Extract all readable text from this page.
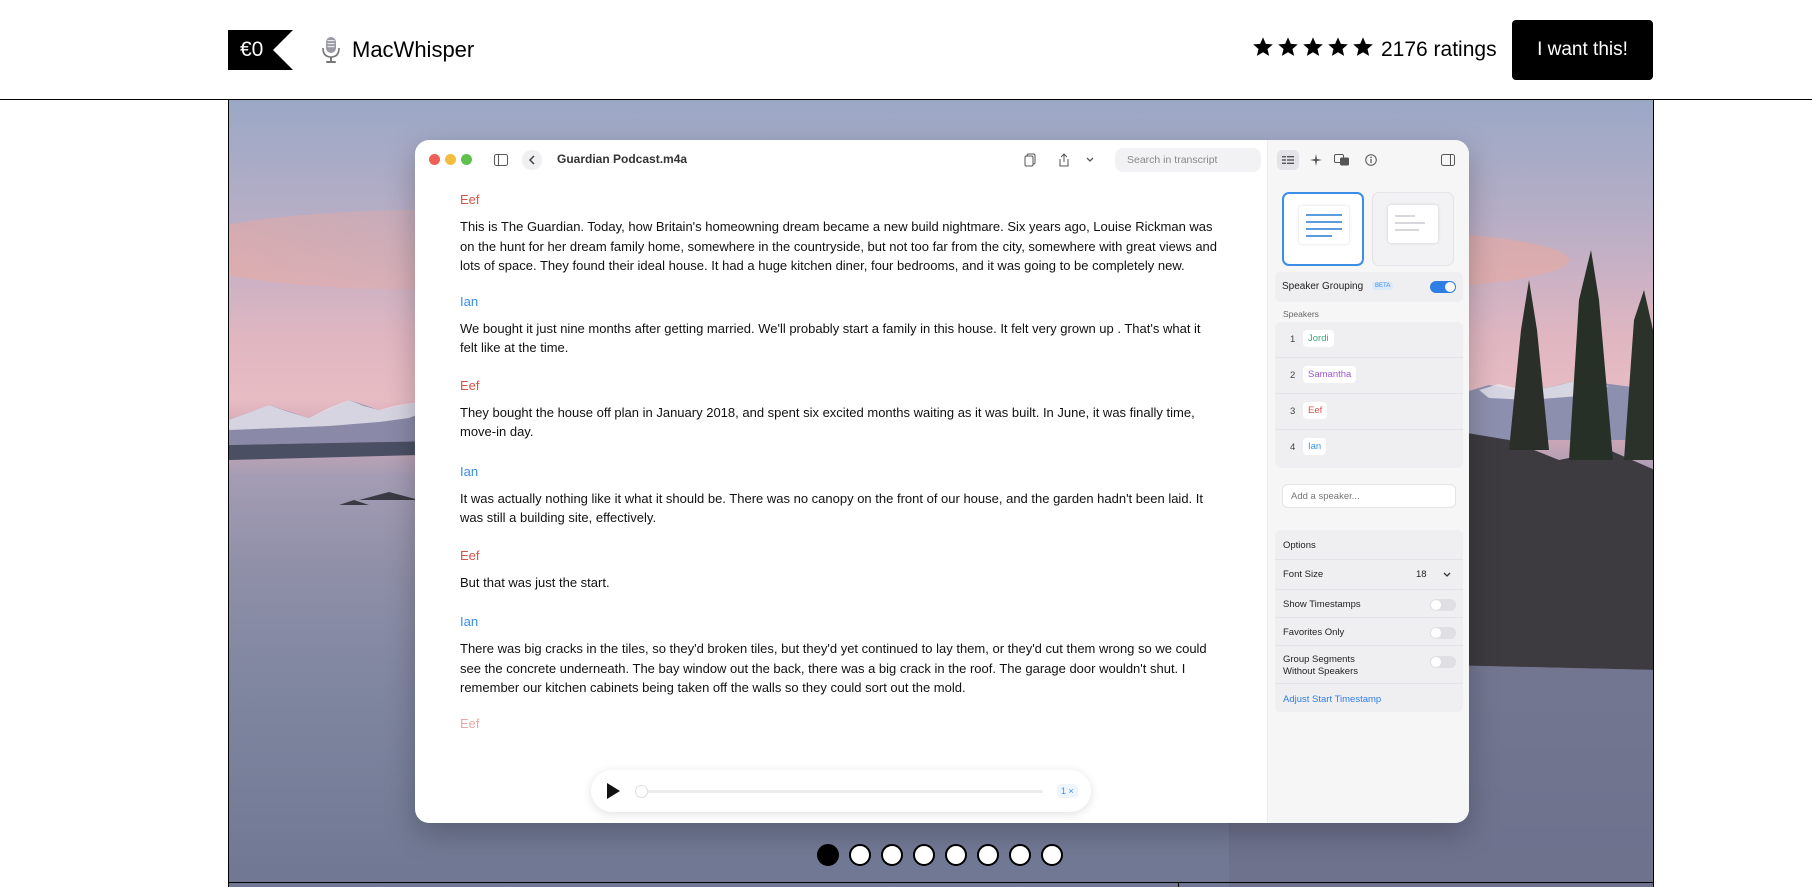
€0	MacWhisper	2176 ratings	I want this!
Guardian Podcast.m4a	Search in transcript
Eef
This is The Guardian. Today, how Britain's homeowning dream became a new build nightmare. Six years ago, Louise Rickman was on the hunt for her dream family home, somewhere in the countryside, but not too far from the city, somewhere with great views and lots of space. They found their ideal house. It had a huge kitchen diner, four bedrooms, and it was going to be completely new.
Ian
We bought it just nine months after getting married. We'll probably start a family in this house. It felt very grown up . That's what it felt like at the time.
Eef
They bought the house off plan in January 2018, and spent six excited months waiting as it was built. In June, it was finally time, move-in day.
Ian
It was actually nothing like it what it should be. There was no canopy on the front of our house, and the garden hadn't been laid. It was still a building site, effectively.
Eef
But that was just the start.
Ian
There was big cracks in the tiles, so they'd broken tiles, but they'd yet continued to lay them, or they'd cut them wrong so we could see the concrete underneath. The bay window out the back, there was a big crack in the roof. The garage door wouldn't shut. I remember our kitchen cabinets being taken off the walls so they could sort out the mold.
Eef
1 ×
Speaker Grouping	BETA
Speakers
1	Jordi
2	Samantha
3	Eef
4	Ian
Add a speaker...
Options
Font Size	18
Show Timestamps
Favorites Only
Group Segments
Without Speakers
Adjust Start Timestamp
